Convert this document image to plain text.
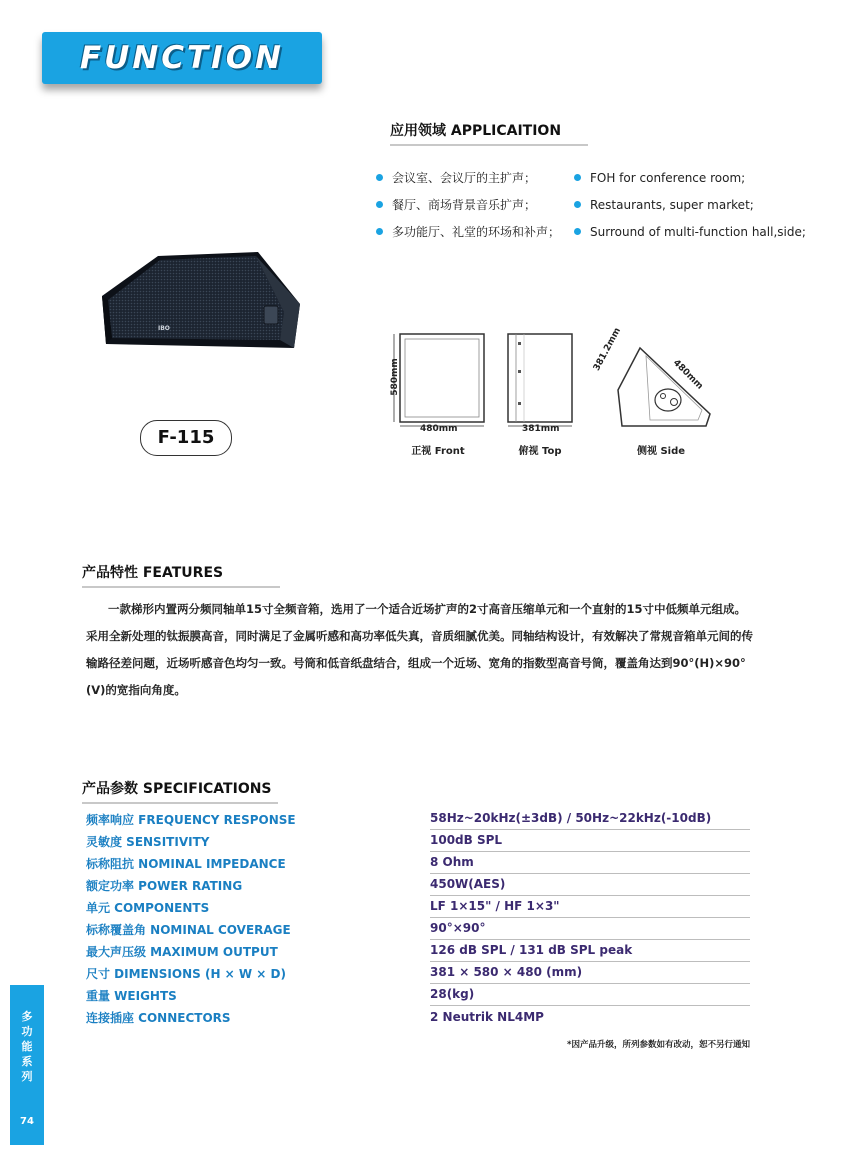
FUNCTION
应用领域 APPLICAITION
会议室、会议厅的主扩声；
餐厅、商场背景音乐扩声；
多功能厅、礼堂的环场和补声；
FOH for conference room;
Restaurants, super market;
Surround of multi-function hall,side;
IBO
F-115
580mm
480mm
正视 Front
381mm
俯视 Top
381.2mm
480mm
侧视 Side
产品特性 FEATURES
一款梯形内置两分频同轴单15寸全频音箱，选用了一个适合近场扩声的2寸高音压缩单元和一个直射的15寸中低频单元组成。采用全新处理的钛振膜高音，同时满足了金属听感和高功率低失真，音质细腻优美。同轴结构设计，有效解决了常规音箱单元间的传输路径差问题，近场听感音色均匀一致。号筒和低音纸盘结合，组成一个近场、宽角的指数型高音号筒，覆盖角达到90°(H)×90°(V)的宽指向角度。
产品参数 SPECIFICATIONS
频率响应 FREQUENCY RESPONSE	58Hz~20kHz(±3dB) / 50Hz~22kHz(-10dB)
灵敏度 SENSITIVITY	100dB SPL
标称阻抗 NOMINAL IMPEDANCE	8 Ohm
额定功率 POWER RATING	450W(AES)
单元 COMPONENTS	LF 1×15" / HF 1×3"
标称覆盖角 NOMINAL COVERAGE	90°×90°
最大声压级 MAXIMUM OUTPUT	126 dB SPL / 131 dB SPL peak
尺寸 DIMENSIONS (H × W × D)	381 × 580 × 480 (mm)
重量 WEIGHTS	28(kg)
连接插座 CONNECTORS	2 Neutrik NL4MP
*因产品升级，所列参数如有改动，恕不另行通知
多
功
能
系
列
74
